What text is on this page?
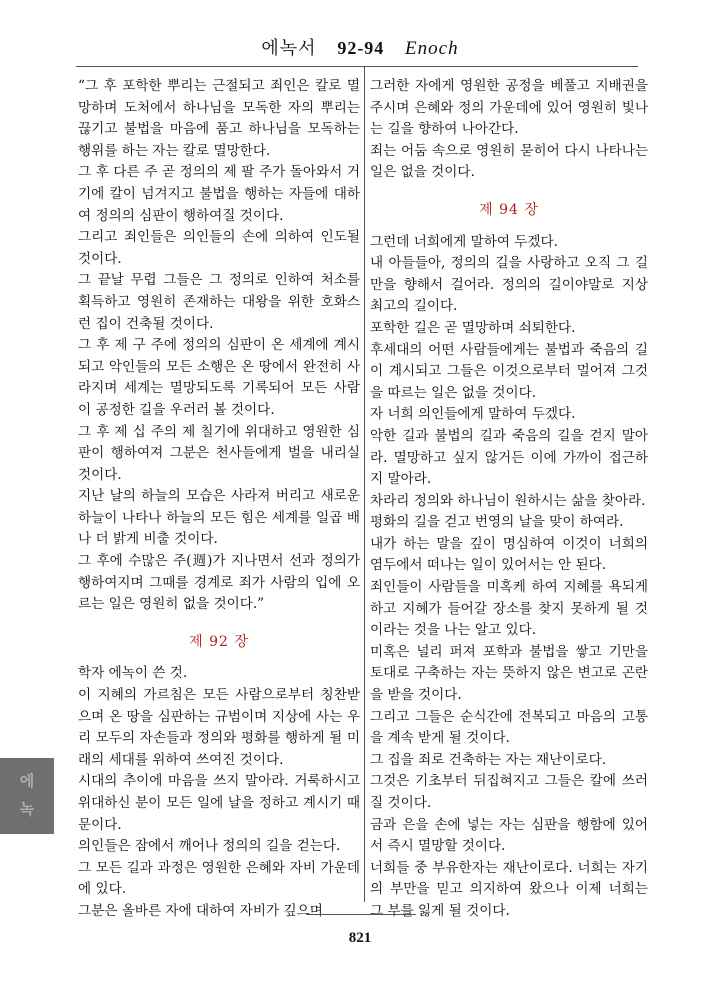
에녹서 92-94 Enoch

“그 후 포학한 뿌리는 근절되고 죄인은 칼로 멸망하며 도처에서 하나님을 모독한 자의 뿌리는 끊기고 불법을 마음에 품고 하나님을 모독하는 행위를 하는 자는 칼로 멸망한다.

그 후 다른 주 곧 정의의 제 팔 주가 돌아와서 거기에 칼이 넘겨지고 불법을 행하는 자들에 대하여 정의의 심판이 행하여질 것이다.

그리고 죄인들은 의인들의 손에 의하여 인도될 것이다.

그 끝날 무렵 그들은 그 정의로 인하여 처소를 획득하고 영원히 존재하는 대왕을 위한 호화스런 집이 건축될 것이다.

그 후 제 구 주에 정의의 심판이 온 세계에 계시되고 악인들의 모든 소행은 온 땅에서 완전히 사라지며 세계는 멸망되도록 기록되어 모든 사람이 공정한 길을 우러러 볼 것이다.

그 후 제 십 주의 제 칠기에 위대하고 영원한 심판이 행하여져 그분은 천사들에게 벌을 내리실 것이다.

지난 날의 하늘의 모습은 사라져 버리고 새로운 하늘이 나타나 하늘의 모든 힘은 세계를 일곱 배나 더 밝게 비출 것이다.

그 후에 수많은 주(週)가 지나면서 선과 정의가 행하여지며 그때를 경계로 죄가 사람의 입에 오르는 일은 영원히 없을 것이다.”

제 92 장

학자 에녹이 쓴 것.

이 지혜의 가르침은 모든 사람으로부터 칭찬받으며 온 땅을 심판하는 규범이며 지상에 사는 우리 모두의 자손들과 정의와 평화를 행하게 될 미래의 세대를 위하여 쓰여진 것이다.

시대의 추이에 마음을 쓰지 말아라. 거룩하시고 위대하신 분이 모든 일에 날을 정하고 계시기 때문이다.

의인들은 잠에서 깨어나 정의의 길을 걷는다.

그 모든 길과 과정은 영원한 은혜와 자비 가운데에 있다.

그분은 올바른 자에 대하여 자비가 깊으며

그러한 자에게 영원한 공정을 베풀고 지배권을 주시며 은혜와 정의 가운데에 있어 영원히 빛나는 길을 향하여 나아간다.

죄는 어둠 속으로 영원히 묻히어 다시 나타나는 일은 없을 것이다.

제 94 장

그런데 너희에게 말하여 두겠다.

내 아들들아, 정의의 길을 사랑하고 오직 그 길만을 향해서 걸어라. 정의의 길이야말로 지상 최고의 길이다.

포학한 길은 곧 멸망하며 쇠퇴한다.

후세대의 어떤 사람들에게는 불법과 죽음의 길이 계시되고 그들은 이것으로부터 멀어져 그것을 따르는 일은 없을 것이다.

자 너희 의인들에게 말하여 두겠다.

악한 길과 불법의 길과 죽음의 길을 걷지 말아라. 멸망하고 싶지 않거든 이에 가까이 접근하지 말아라.

차라리 정의와 하나님이 원하시는 삶을 찾아라.

평화의 길을 걷고 번영의 날을 맞이 하여라.

내가 하는 말을 깊이 명심하여 이것이 너희의 염두에서 떠나는 일이 있어서는 안 된다.

죄인들이 사람들을 미혹케 하여 지혜를 욕되게 하고 지혜가 들어갈 장소를 찾지 못하게 될 것이라는 것을 나는 알고 있다.

미혹은 널리 퍼져 포학과 불법을 쌓고 기만을 토대로 구축하는 자는 뜻하지 않은 변고로 곤란을 받을 것이다.

그리고 그들은 순식간에 전복되고 마음의 고통을 계속 받게 될 것이다.

그 집을 죄로 건축하는 자는 재난이로다.

그것은 기초부터 뒤집혀지고 그들은 칼에 쓰러질 것이다.

금과 은을 손에 넣는 자는 심판을 행함에 있어서 즉시 멸망할 것이다.

너희들 중 부유한자는 재난이로다. 너희는 자기의 부만을 믿고 의지하여 왔으나 이제 너희는 그 부를 잃게 될 것이다.

에
녹
821
